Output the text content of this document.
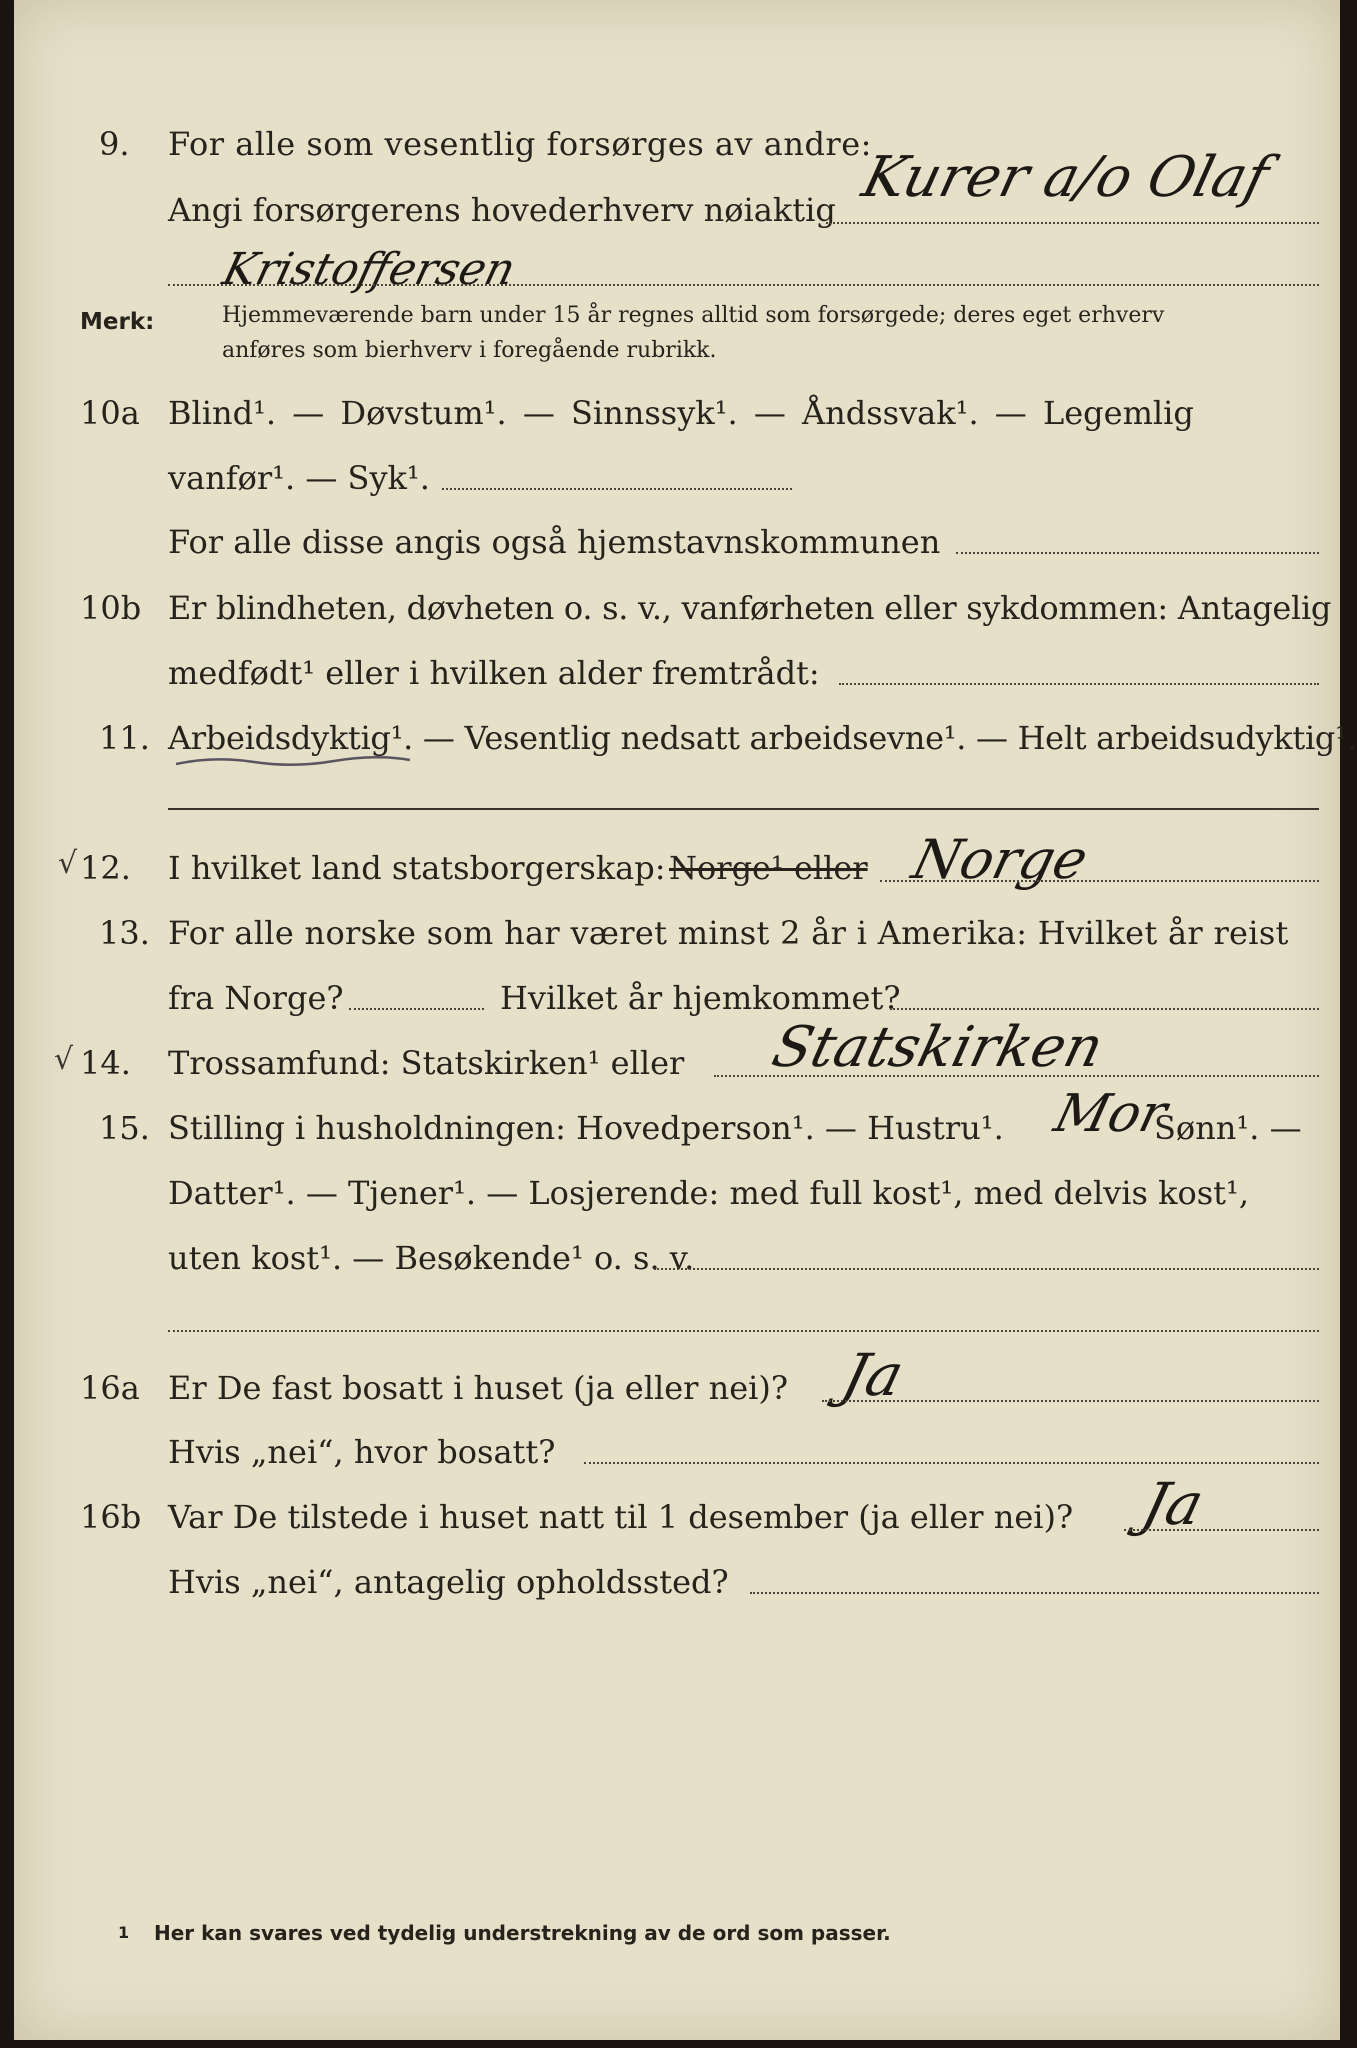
9. For alle som vesentlig forsørges av andre:
Kurer a/o Olaf
Angi forsørgerens hovederhverv nøiaktig
Kristoffersen
Merk:	Hjemmeværende barn under 15 år regnes alltid som forsørgede; deres eget erhverv
anføres som bierhverv i foregående rubrikk.
10a Blind¹. — Døvstum¹. — Sinnssyk¹. — Åndssvak¹. — Legemlig
vanfør¹. — Syk¹.
For alle disse angis også hjemstavnskommunen
10b Er blindheten, døvheten o. s. v., vanførheten eller sykdommen: Antagelig
medfødt¹ eller i hvilken alder fremtrådt:
11. Arbeidsdyktig¹. — Vesentlig nedsatt arbeidsevne¹. — Helt arbeidsudyktig¹.
√ 12. I hvilket land statsborgerskap: Norge¹ eller Norge
13. For alle norske som har været minst 2 år i Amerika: Hvilket år reist
fra Norge?	Hvilket år hjemkommet?
√ 14. Trossamfund: Statskirken¹ eller Statskirken
15. Stilling i husholdningen: Hovedperson¹. — Hustru¹. Mor
Sønn¹. —
Datter¹. — Tjener¹. — Losjerende: med full kost¹, med delvis kost¹,
uten kost¹. — Besøkende¹ o. s. v.
16a Er De fast bosatt i huset (ja eller nei)? Ja
Hvis „nei“, hvor bosatt?
16b Var De tilstede i huset natt til 1 desember (ja eller nei)? Ja
Hvis „nei“, antagelig opholdssted?
1 Her kan svares ved tydelig understrekning av de ord som passer.
